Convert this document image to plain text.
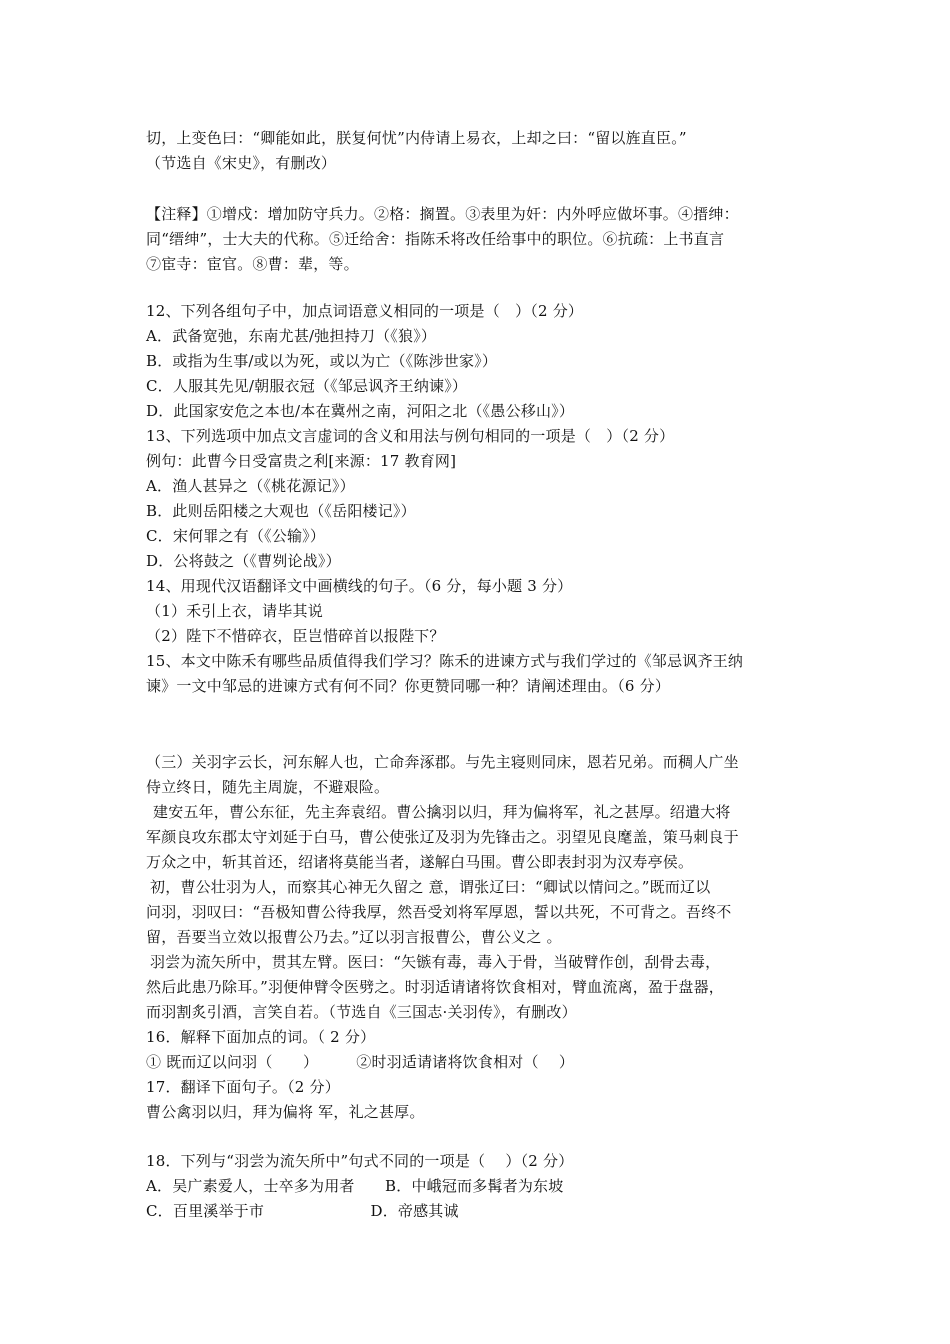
切，上变色曰：“卿能如此，朕复何忧”内侍请上易衣，上却之曰：“留以旌直臣。”
（节选自《宋史》，有删改）
【注释】①增戍：增加防守兵力。②格：搁置。③表里为奸：内外呼应做坏事。④搢绅：
同“缙绅”，士大夫的代称。⑤迁给舍：指陈禾将改任给事中的职位。⑥抗疏：上书直言
⑦宦寺：宦官。⑧曹：辈，等。
12、下列各组句子中，加点词语意义相同的一项是（　）（2 分）
A．武备宽弛，东南尤甚/弛担持刀（《狼》）
B．或指为生事/或以为死，或以为亡（《陈涉世家》）
C．人服其先见/朝服衣冠（《邹忌讽齐王纳谏》）
D．此国家安危之本也/本在冀州之南，河阳之北（《愚公移山》）
13、下列选项中加点文言虚词的含义和用法与例句相同的一项是（　）（2 分）
例句：此曹今日受富贵之利[来源：17 教育网]
A．渔人甚异之（《桃花源记》）
B．此则岳阳楼之大观也（《岳阳楼记》）
C．宋何罪之有（《公输》）
D．公将鼓之（《曹刿论战》）
14、用现代汉语翻译文中画横线的句子。（6 分，每小题 3 分）
（1）禾引上衣，请毕其说
（2）陛下不惜碎衣，臣岂惜碎首以报陛下？
15、本文中陈禾有哪些品质值得我们学习？陈禾的进谏方式与我们学过的《邹忌讽齐王纳
谏》一文中邹忌的进谏方式有何不同？你更赞同哪一种？请阐述理由。（6 分）
（三）关羽字云长，河东解人也，亡命奔涿郡。与先主寝则同床，恩若兄弟。而稠人广坐
侍立终日，随先主周旋，不避艰险。
建安五年，曹公东征，先主奔袁绍。曹公擒羽以归，拜为偏将军，礼之甚厚。绍遣大将
军颜良攻东郡太守刘延于白马，曹公使张辽及羽为先锋击之。羽望见良麾盖，策马刺良于
万众之中，斩其首还，绍诸将莫能当者，遂解白马围。曹公即表封羽为汉寿亭侯。
初，曹公壮羽为人，而察其心神无久留之 意，谓张辽曰：“卿试以情问之。”既而辽以
问羽，羽叹曰：“吾极知曹公待我厚，然吾受刘将军厚恩，誓以共死，不可背之。吾终不
留，吾要当立效以报曹公乃去。”辽以羽言报曹公，曹公义之 。
羽尝为流矢所中，贯其左臂。医曰：“矢镞有毒，毒入于骨，当破臂作创，刮骨去毒，
然后此患乃除耳。”羽便伸臂令医劈之。时羽适请诸将饮食相对，臂血流离，盈于盘器，
而羽割炙引酒，言笑自若。（节选自《三国志·关羽传》，有删改）
16．解释下面加点的词。（ 2 分）
① 既而辽以问羽（　　）　　　②时羽适请诸将饮食相对（　 ）
17．翻译下面句子。（2 分）
曹公禽羽以归，拜为偏将 军，礼之甚厚。
18．下列与“羽尝为流矢所中”句式不同的一项是（　 ）（2 分）
A．吴广素爱人，士卒多为用者　　B．中峨冠而多髯者为东坡
C．百里溪举于市　　　　　　　D．帝感其诚
